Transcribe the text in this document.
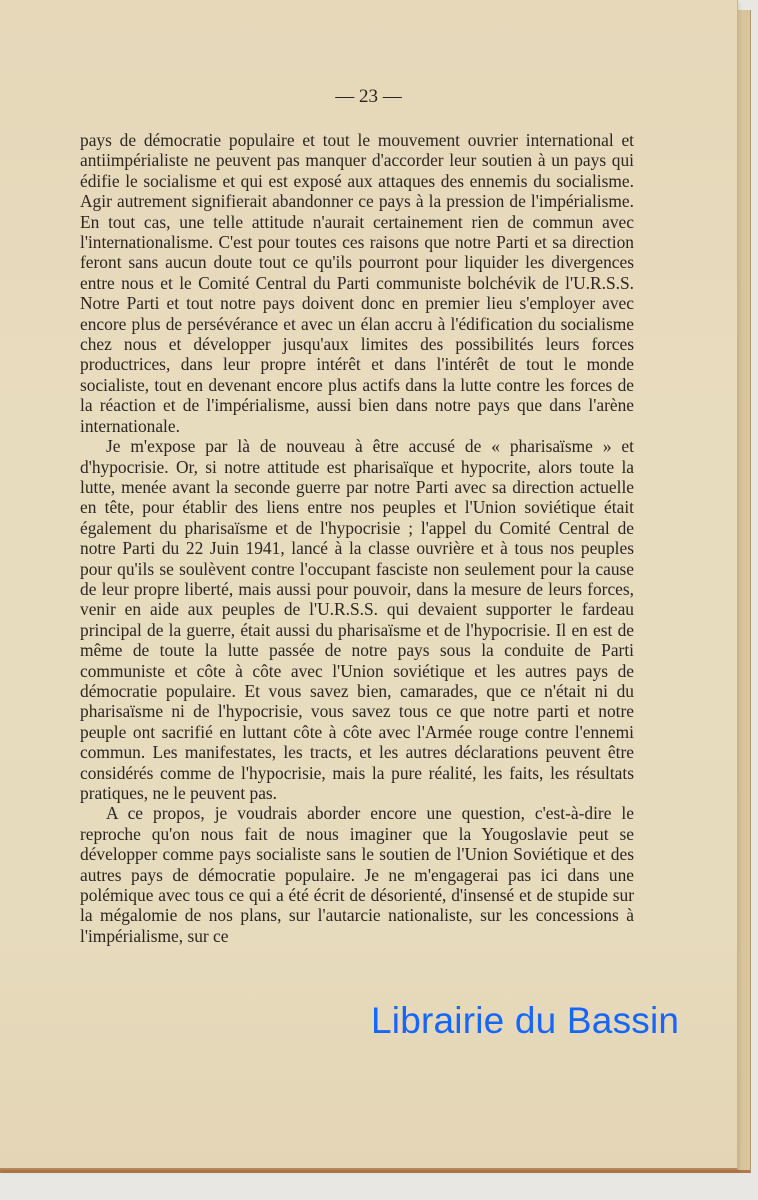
— 23 —

pays de démocratie populaire et tout le mouvement ouvrier international et antiimpérialiste ne peuvent pas manquer d'accorder leur soutien à un pays qui édifie le socialisme et qui est exposé aux attaques des ennemis du socialisme. Agir autrement signifierait abandonner ce pays à la pression de l'impérialisme. En tout cas, une telle attitude n'aurait certainement rien de commun avec l'internationalisme. C'est pour toutes ces raisons que notre Parti et sa direction feront sans aucun doute tout ce qu'ils pourront pour liquider les divergences entre nous et le Comité Central du Parti communiste bolchévik de l'U.R.S.S. Notre Parti et tout notre pays doivent donc en premier lieu s'employer avec encore plus de persévérance et avec un élan accru à l'édification du socialisme chez nous et développer jusqu'aux limites des possibilités leurs forces productrices, dans leur propre intérêt et dans l'intérêt de tout le monde socialiste, tout en devenant encore plus actifs dans la lutte contre les forces de la réaction et de l'impérialisme, aussi bien dans notre pays que dans l'arène internationale.

Je m'expose par là de nouveau à être accusé de « pharisaïsme » et d'hypocrisie. Or, si notre attitude est pharisaïque et hypocrite, alors toute la lutte, menée avant la seconde guerre par notre Parti avec sa direction actuelle en tête, pour établir des liens entre nos peuples et l'Union soviétique était également du pharisaïsme et de l'hypocrisie ; l'appel du Comité Central de notre Parti du 22 Juin 1941, lancé à la classe ouvrière et à tous nos peuples pour qu'ils se soulèvent contre l'occupant fasciste non seulement pour la cause de leur propre liberté, mais aussi pour pouvoir, dans la mesure de leurs forces, venir en aide aux peuples de l'U.R.S.S. qui devaient supporter le fardeau principal de la guerre, était aussi du pharisaïsme et de l'hypocrisie. Il en est de même de toute la lutte passée de notre pays sous la conduite de Parti communiste et côte à côte avec l'Union soviétique et les autres pays de démocratie populaire. Et vous savez bien, camarades, que ce n'était ni du pharisaïsme ni de l'hypocrisie, vous savez tous ce que notre parti et notre peuple ont sacrifié en luttant côte à côte avec l'Armée rouge contre l'ennemi commun. Les manifestates, les tracts, et les autres déclarations peuvent être considérés comme de l'hypocrisie, mais la pure réalité, les faits, les résultats pratiques, ne le peuvent pas.

A ce propos, je voudrais aborder encore une question, c'est-à-dire le reproche qu'on nous fait de nous imaginer que la Yougoslavie peut se développer comme pays socialiste sans le soutien de l'Union Soviétique et des autres pays de démocratie populaire. Je ne m'engagerai pas ici dans une polémique avec tous ce qui a été écrit de désorienté, d'insensé et de stupide sur la mégalomie de nos plans, sur l'autarcie nationaliste, sur les concessions à l'impérialisme, sur ce

Librairie du Bassin
